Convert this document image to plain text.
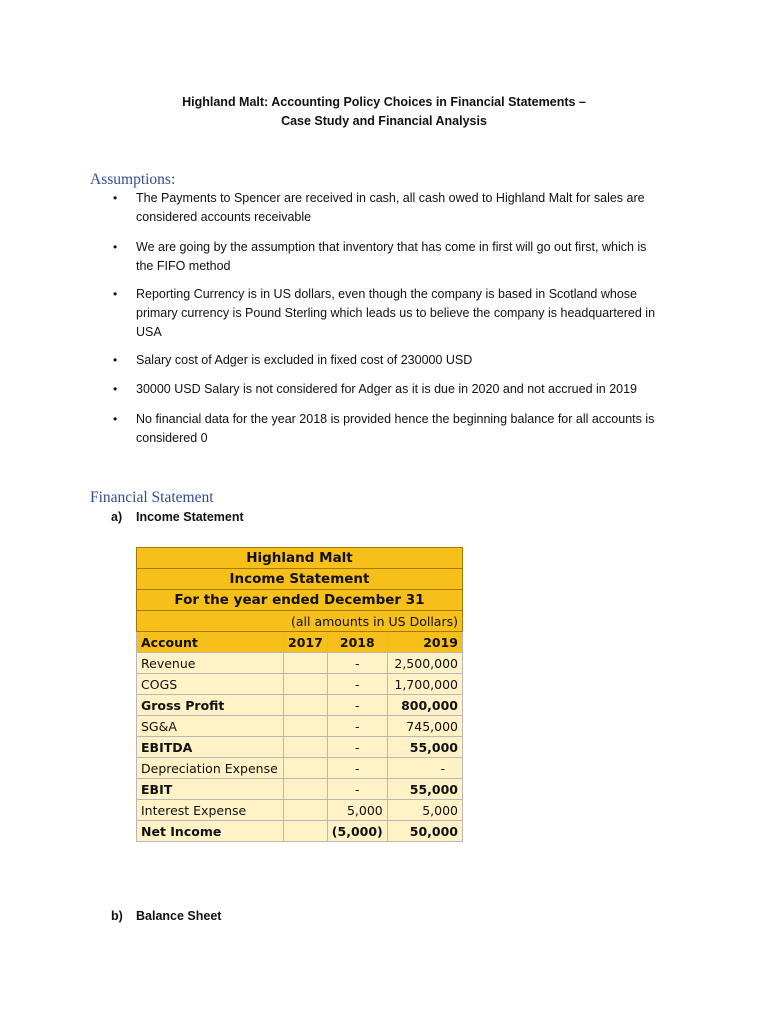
Highland Malt: Accounting Policy Choices in Financial Statements –
Case Study and Financial Analysis
Assumptions:
• The Payments to Spencer are received in cash, all cash owed to Highland Malt for sales are considered accounts receivable
• We are going by the assumption that inventory that has come in first will go out first, which is the FIFO method
• Reporting Currency is in US dollars, even though the company is based in Scotland whose primary currency is Pound Sterling which leads us to believe the company is headquartered in USA
• Salary cost of Adger is excluded in fixed cost of 230000 USD
• 30000 USD Salary is not considered for Adger as it is due in 2020 and not accrued in 2019
• No financial data for the year 2018 is provided hence the beginning balance for all accounts is considered 0
Financial Statement
a)	Income Statement
Highland Malt			
Income Statement			
For the year ended December 31			
(all amounts in US Dollars)			
Account	2017	2018	2019
Revenue		-	2,500,000
COGS		-	1,700,000
Gross Profit		-	800,000
SG&A		-	745,000
EBITDA		-	55,000
Depreciation Expense		-	-
EBIT		-	55,000
Interest Expense		5,000	5,000
Net Income		(5,000)	50,000
b)	Balance Sheet
